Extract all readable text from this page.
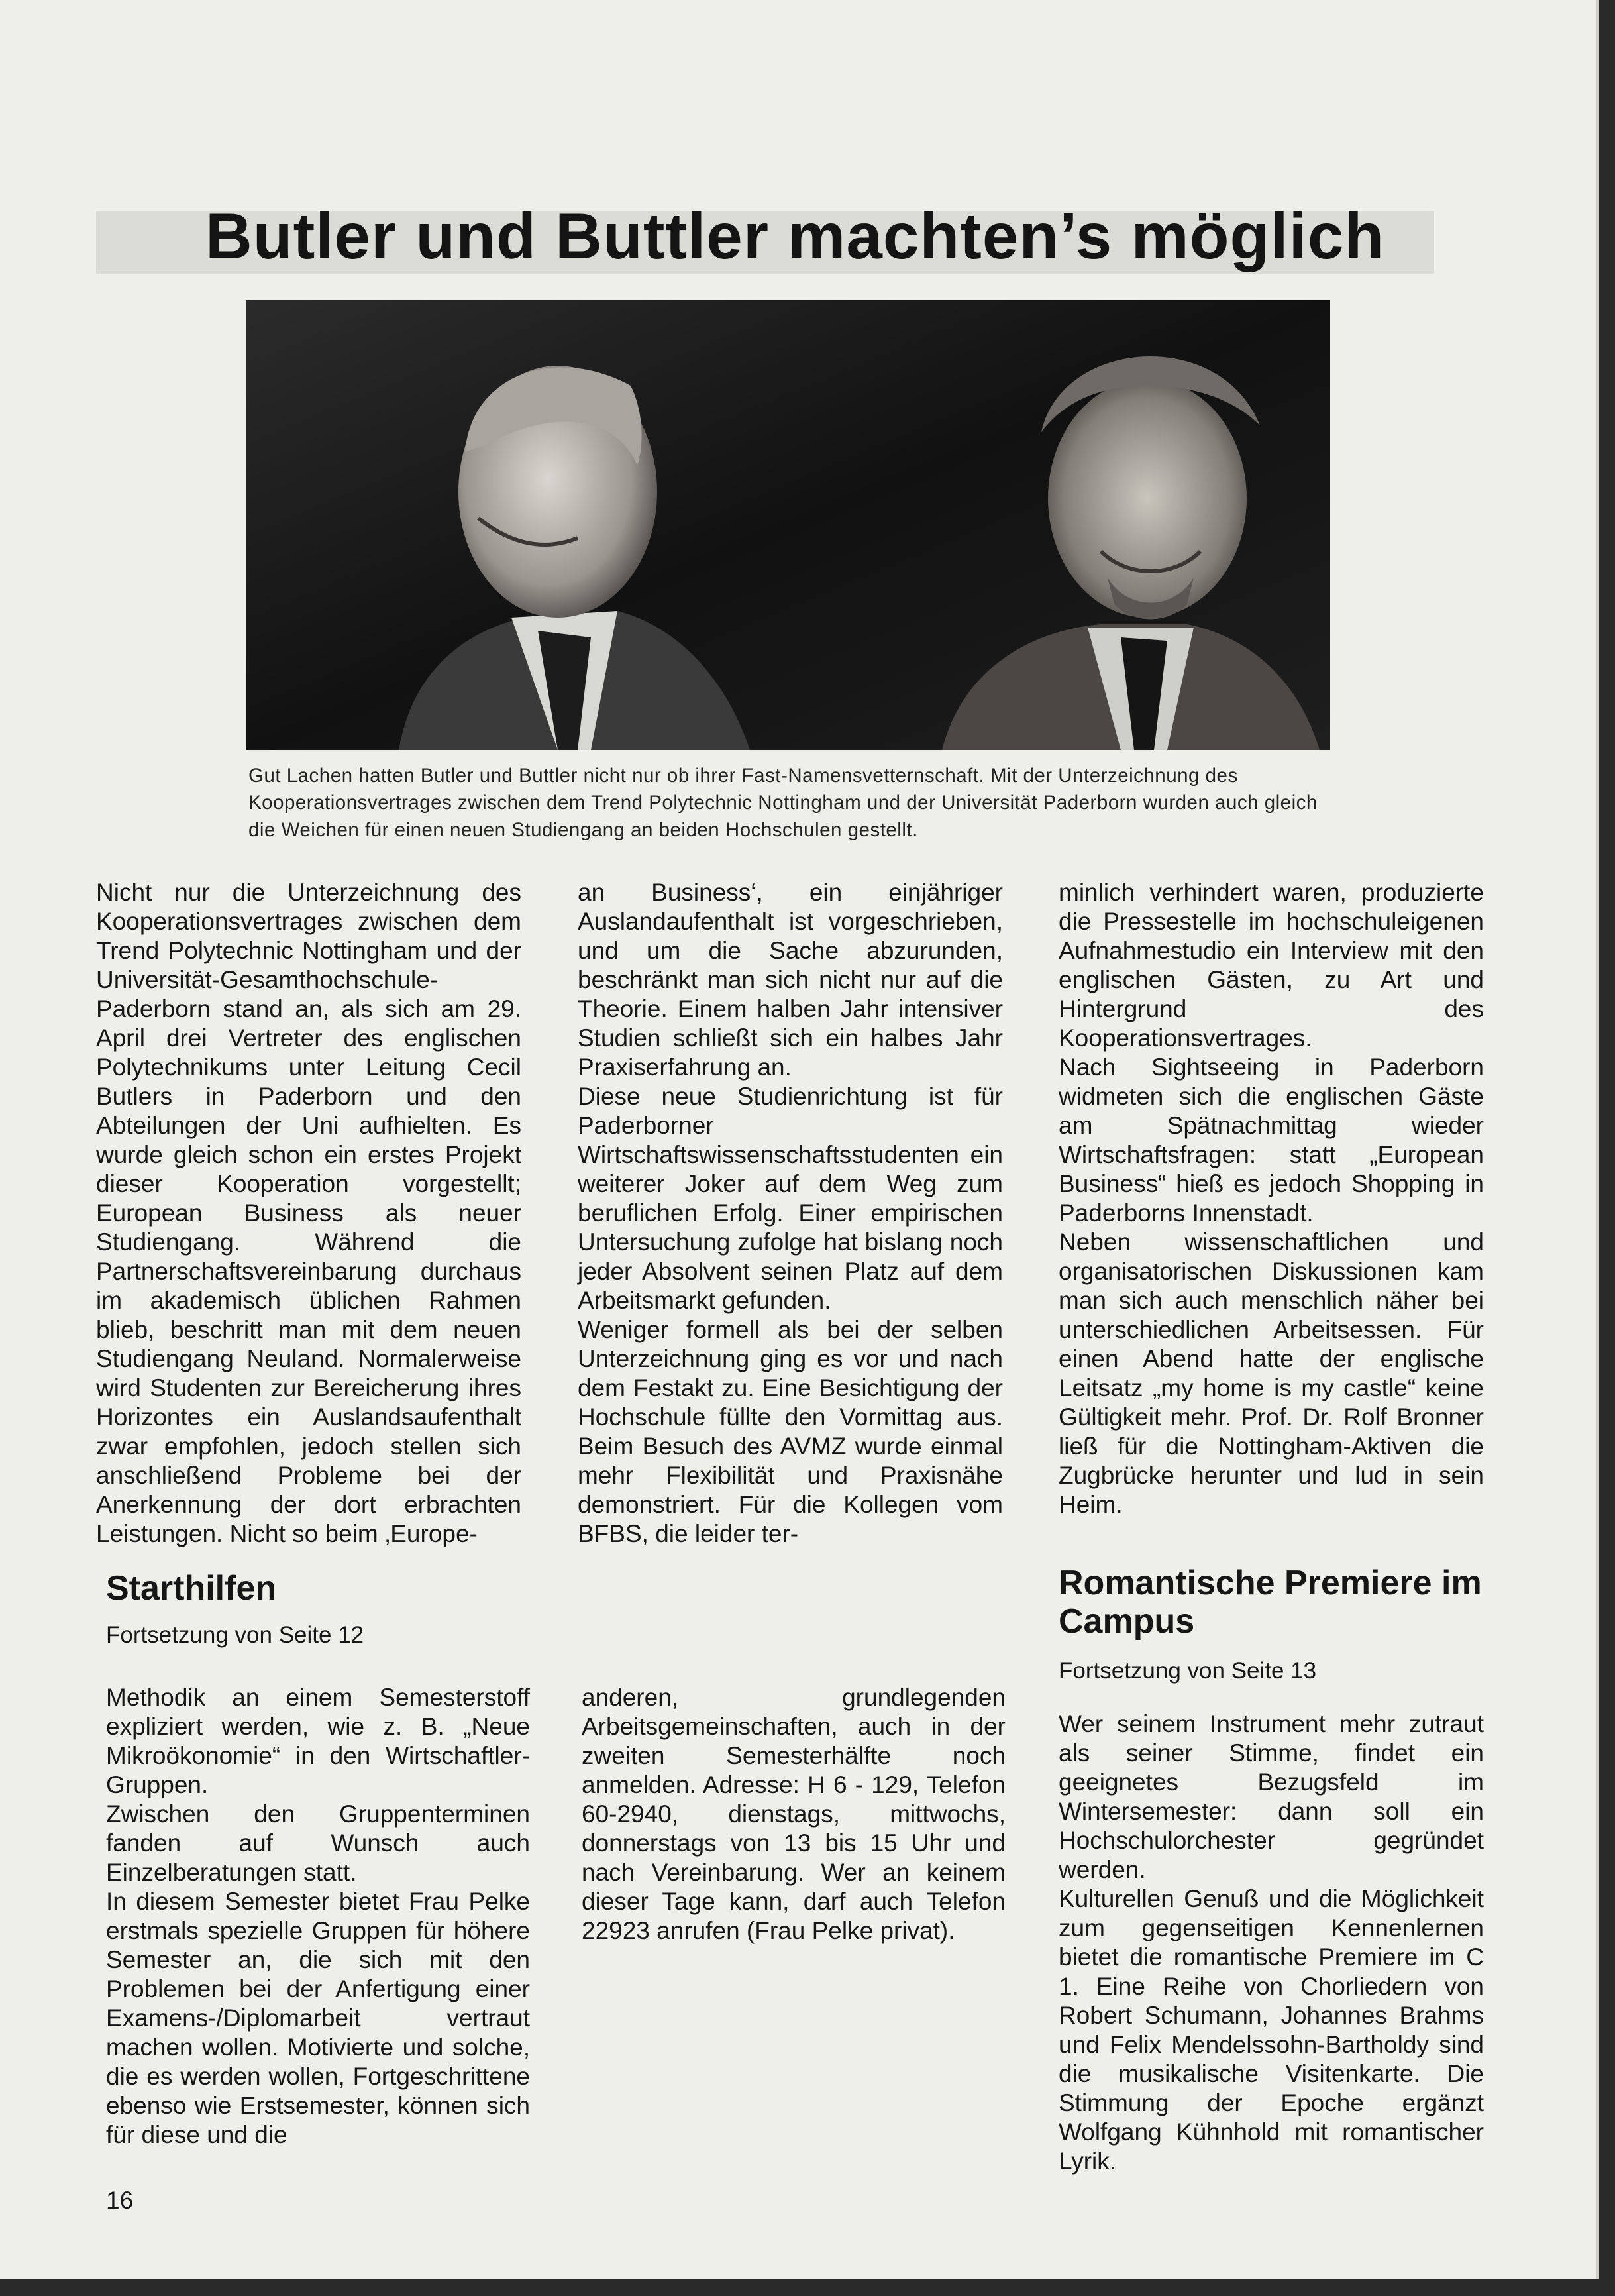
Butler und Buttler machten’s möglich
Gut Lachen hatten Butler und Buttler nicht nur ob ihrer Fast-Namensvetternschaft. Mit der Unterzeichnung des Kooperationsvertrages zwischen dem Trend Polytechnic Nottingham und der Universität Paderborn wurden auch gleich die Weichen für einen neuen Studiengang an beiden Hochschulen gestellt.

Nicht nur die Unterzeichnung des Kooperationsvertrages zwischen dem Trend Polytechnic Nottingham und der Universität-Gesamthochschule-Paderborn stand an, als sich am 29. April drei Vertreter des englischen Polytechnikums unter Leitung Cecil Butlers in Paderborn und den Abteilungen der Uni aufhielten. Es wurde gleich schon ein erstes Projekt dieser Kooperation vorgestellt; European Business als neuer Studiengang. Während die Partnerschaftsvereinbarung durchaus im akademisch üblichen Rahmen blieb, beschritt man mit dem neuen Studiengang Neuland. Normalerweise wird Studenten zur Bereicherung ihres Horizontes ein Auslandsaufenthalt zwar empfohlen, jedoch stellen sich anschließend Probleme bei der Anerkennung der dort erbrachten Leistungen. Nicht so beim ‚Europe-

an Business‘, ein einjähriger Auslandaufenthalt ist vorgeschrieben, und um die Sache abzurunden, beschränkt man sich nicht nur auf die Theorie. Einem halben Jahr intensiver Studien schließt sich ein halbes Jahr Praxiserfahrung an.

Diese neue Studienrichtung ist für Paderborner Wirtschaftswissenschaftsstudenten ein weiterer Joker auf dem Weg zum beruflichen Erfolg. Einer empirischen Untersuchung zufolge hat bislang noch jeder Absolvent seinen Platz auf dem Arbeitsmarkt gefunden.

Weniger formell als bei der selben Unterzeichnung ging es vor und nach dem Festakt zu. Eine Besichtigung der Hochschule füllte den Vormittag aus. Beim Besuch des AVMZ wurde einmal mehr Flexibilität und Praxisnähe demonstriert. Für die Kollegen vom BFBS, die leider ter-

minlich verhindert waren, produzierte die Pressestelle im hochschuleigenen Aufnahmestudio ein Interview mit den englischen Gästen, zu Art und Hintergrund des Kooperationsvertrages.

Nach Sightseeing in Paderborn widmeten sich die englischen Gäste am Spätnachmittag wieder Wirtschaftsfragen: statt „European Business“ hieß es jedoch Shopping in Paderborns Innenstadt.

Neben wissenschaftlichen und organisatorischen Diskussionen kam man sich auch menschlich näher bei unterschiedlichen Arbeitsessen. Für einen Abend hatte der englische Leitsatz „my home is my castle“ keine Gültigkeit mehr. Prof. Dr. Rolf Bronner ließ für die Nottingham-Aktiven die Zugbrücke herunter und lud in sein Heim.

Starthilfen
Fortsetzung von Seite 12

Methodik an einem Semesterstoff expliziert werden, wie z. B. „Neue Mikroökonomie“ in den Wirtschaftler-Gruppen.

Zwischen den Gruppenterminen fanden auf Wunsch auch Einzelberatungen statt.

In diesem Semester bietet Frau Pelke erstmals spezielle Gruppen für höhere Semester an, die sich mit den Problemen bei der Anfertigung einer Examens-/Diplomarbeit vertraut machen wollen. Motivierte und solche, die es werden wollen, Fortgeschrittene ebenso wie Erstsemester, können sich für diese und die

anderen, grundlegenden Arbeitsgemeinschaften, auch in der zweiten Semesterhälfte noch anmelden. Adresse: H 6 - 129, Telefon 60-2940, dienstags, mittwochs, donnerstags von 13 bis 15 Uhr und nach Vereinbarung. Wer an keinem dieser Tage kann, darf auch Telefon 22923 anrufen (Frau Pelke privat).

Romantische Premiere im Campus
Fortsetzung von Seite 13

Wer seinem Instrument mehr zutraut als seiner Stimme, findet ein geeignetes Bezugsfeld im Wintersemester: dann soll ein Hochschulorchester gegründet werden.

Kulturellen Genuß und die Möglichkeit zum gegenseitigen Kennenlernen bietet die romantische Premiere im C 1. Eine Reihe von Chorliedern von Robert Schumann, Johannes Brahms und Felix Mendelssohn-Bartholdy sind die musikalische Visitenkarte. Die Stimmung der Epoche ergänzt Wolfgang Kühnhold mit romantischer Lyrik.

16
